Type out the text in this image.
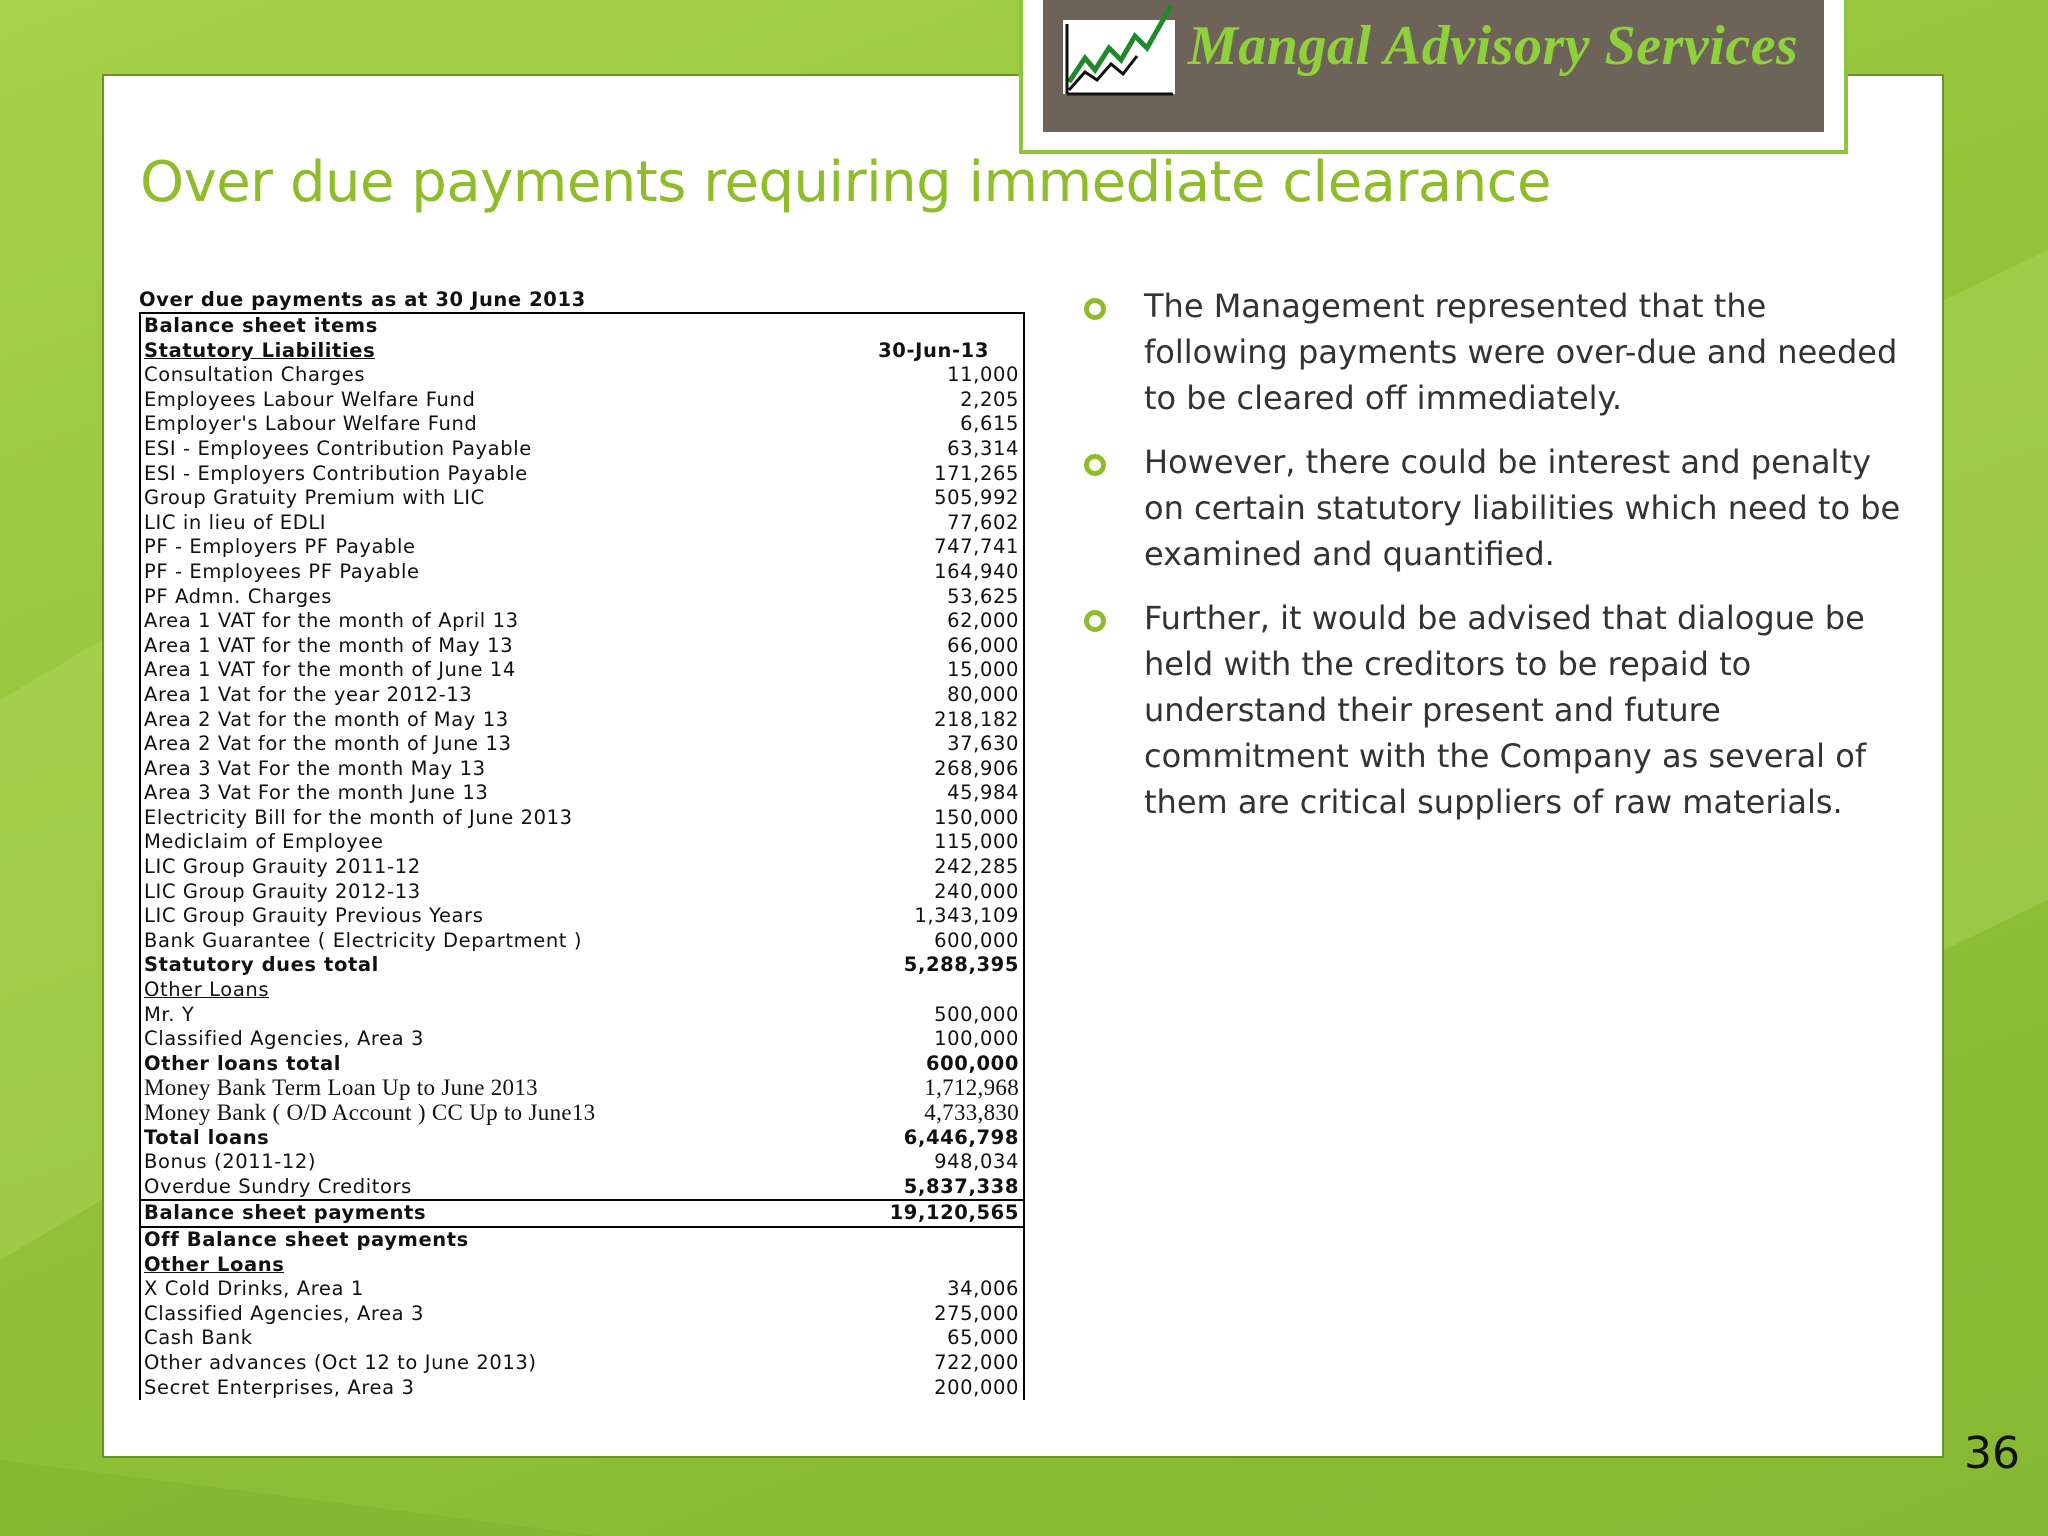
Mangal Advisory Services
Over due payments requiring immediate clearance
Over due payments as at 30 June 2013
Balance sheet items
Statutory Liabilities	30-Jun-13
Consultation Charges	11,000
Employees Labour Welfare Fund	2,205
Employer's Labour Welfare Fund	6,615
ESI - Employees Contribution Payable	63,314
ESI - Employers Contribution Payable	171,265
Group Gratuity Premium with LIC	505,992
LIC in lieu of EDLI	77,602
PF - Employers PF Payable	747,741
PF - Employees PF Payable	164,940
PF Admn. Charges	53,625
Area 1 VAT for the month of April 13	62,000
Area 1 VAT for the month of May 13	66,000
Area 1 VAT for the month of June 14	15,000
Area 1 Vat for the year 2012-13	80,000
Area 2 Vat for the month of May 13	218,182
Area 2 Vat for the month of June 13	37,630
Area 3 Vat For the month May 13	268,906
Area 3 Vat For the month June 13	45,984
Electricity Bill for the month of June 2013	150,000
Mediclaim of Employee	115,000
LIC Group Grauity 2011-12	242,285
LIC Group Grauity 2012-13	240,000
LIC Group Grauity Previous Years	1,343,109
Bank Guarantee ( Electricity Department )	600,000
Statutory dues total	5,288,395
Other Loans
Mr. Y	500,000
Classified Agencies, Area 3	100,000
Other loans total	600,000
Money Bank Term Loan Up to June 2013	1,712,968
Money Bank ( O/D Account ) CC Up to June13	4,733,830
Total loans	6,446,798
Bonus (2011-12)	948,034
Overdue Sundry Creditors	5,837,338
Balance sheet payments	19,120,565
Off Balance sheet payments
Other Loans
X Cold Drinks, Area 1	34,006
Classified Agencies, Area 3	275,000
Cash Bank	65,000
Other advances (Oct 12 to June 2013)	722,000
Secret Enterprises, Area 3	200,000
The Management represented that the following payments were over-due and needed to be cleared off immediately.
However, there could be interest and penalty on certain statutory liabilities which need to be examined and quantified.
Further, it would be advised that dialogue be held with the creditors to be repaid to understand their present and future commitment with the Company as several of them are critical suppliers of raw materials.
36
